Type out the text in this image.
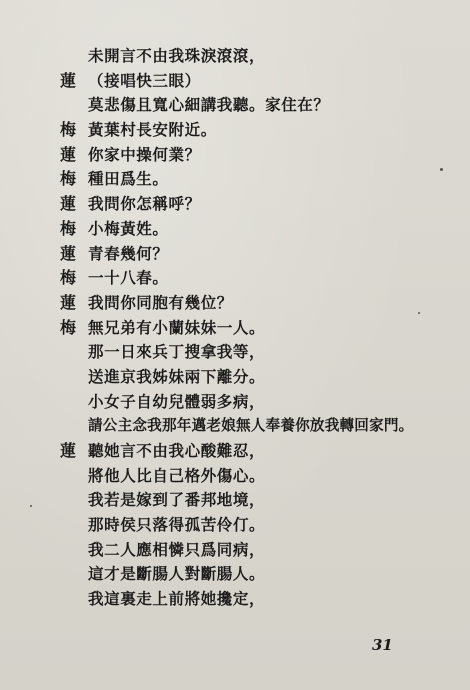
未開言不由我珠淚滾滾，
蓮 （接唱快三眼）
莫悲傷且寬心細講我聽。家住在？
梅 黃葉村長安附近。
蓮 你家中操何業？
梅 種田爲生。
蓮 我問你怎稱呼？
梅 小梅黃姓。
蓮 青春幾何？
梅 一十八春。
蓮 我問你同胞有幾位？
梅 無兄弟有小蘭妹妹一人。
那一日來兵丁搜拿我等，
送進京我姊妹兩下離分。
小女子自幼兒體弱多病，
請公主念我那年邁老娘無人奉養你放我轉回家門。
蓮 聽她言不由我心酸難忍，
將他人比自己格外傷心。
我若是嫁到了番邦地境，
那時侯只落得孤苦伶仃。
我二人應相憐只爲同病，
這才是斷腸人對斷腸人。
我這裏走上前將她攙定，
31
